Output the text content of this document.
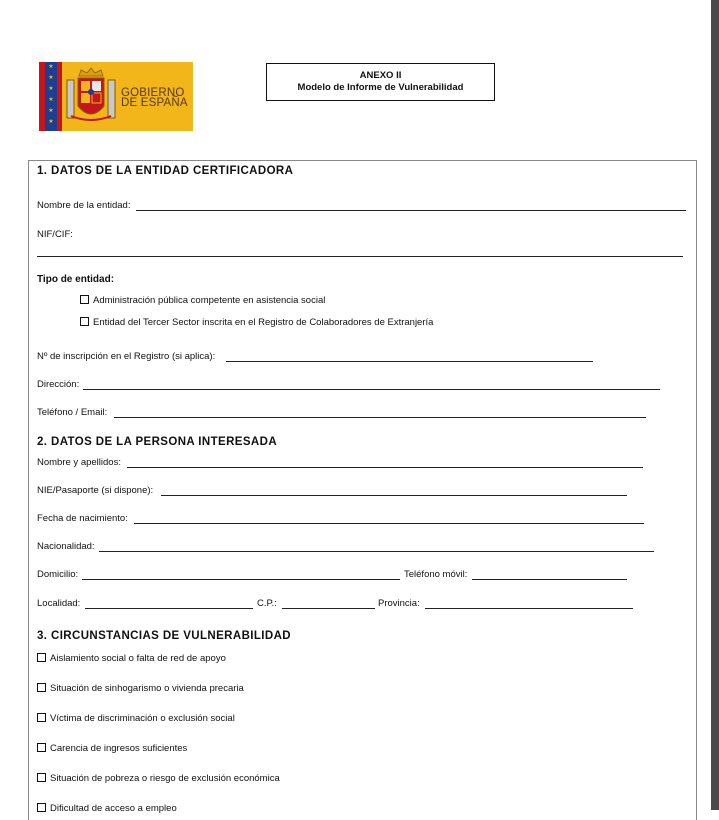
★
★
★
★
★
★
GOBIERNO
DE ESPAÑA
ANEXO II
Modelo de Informe de Vulnerabilidad
1. DATOS DE LA ENTIDAD CERTIFICADORA
Nombre de la entidad:
NIF/CIF:
Tipo de entidad:
Administración pública competente en asistencia social
Entidad del Tercer Sector inscrita en el Registro de Colaboradores de Extranjería
Nº de inscripción en el Registro (si aplica):
Dirección:
Teléfono / Email:
2. DATOS DE LA PERSONA INTERESADA
Nombre y apellidos:
NIE/Pasaporte (si dispone):
Fecha de nacimiento:
Nacionalidad:
Domicilio:	Teléfono móvil:
Localidad:	C.P.:	Provincia:
3. CIRCUNSTANCIAS DE VULNERABILIDAD
Aislamiento social o falta de red de apoyo
Situación de sinhogarismo o vivienda precaria
Víctima de discriminación o exclusión social
Carencia de ingresos suficientes
Situación de pobreza o riesgo de exclusión económica
Dificultad de acceso a empleo
